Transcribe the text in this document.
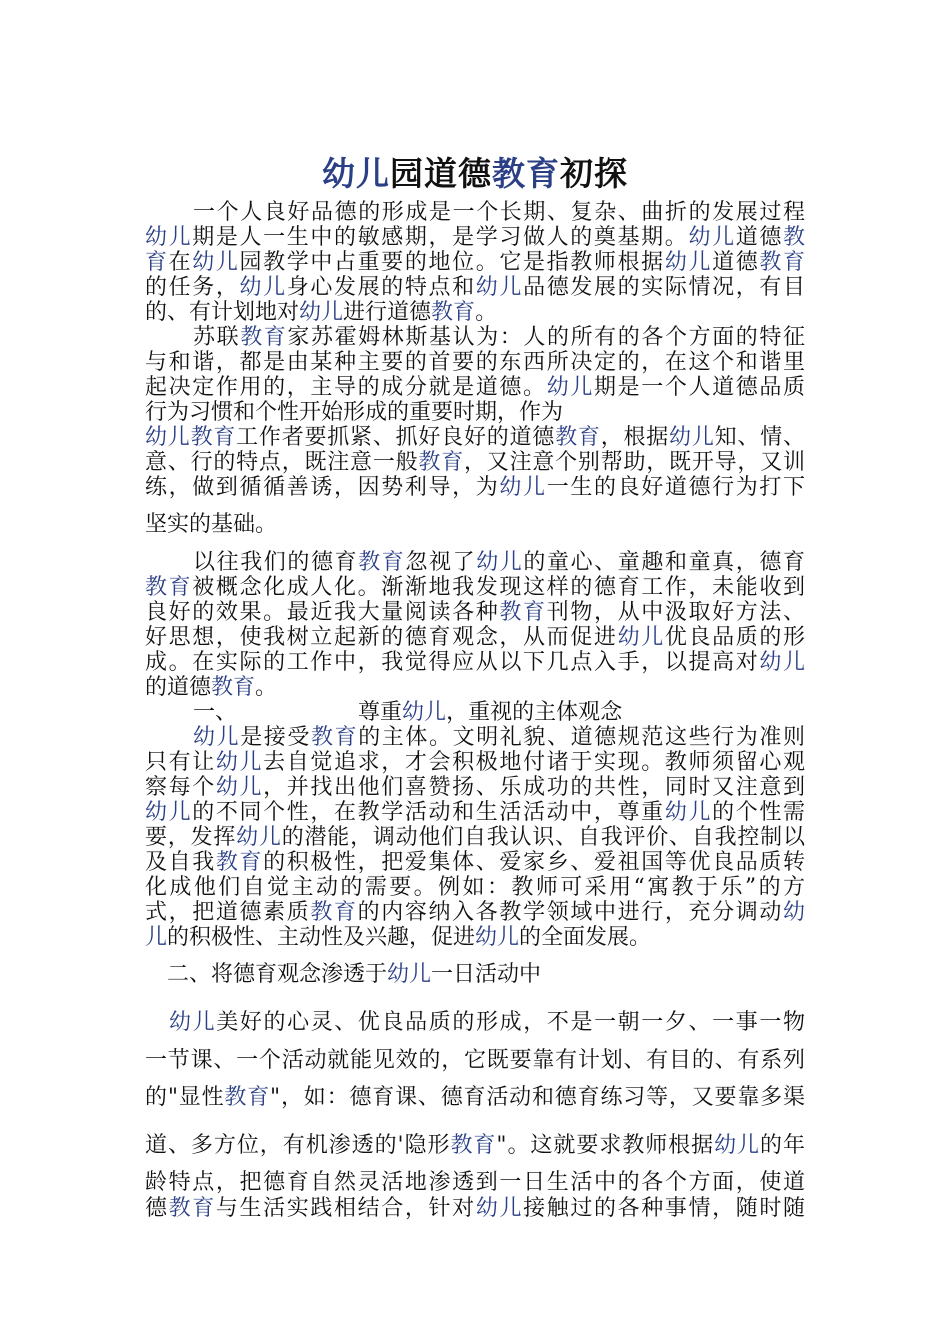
幼儿园道德教育初探
一个人良好品德的形成是一个长期、复杂、曲折的发展过程
幼儿期是人一生中的敏感期，是学习做人的奠基期。幼儿道德教
育在幼儿园教学中占重要的地位。它是指教师根据幼儿道德教育
的任务，幼儿身心发展的特点和幼儿品德发展的实际情况，有目
的、有计划地对幼儿进行道德教育。
苏联教育家苏霍姆林斯基认为：人的所有的各个方面的特征
与和谐，都是由某种主要的首要的东西所决定的，在这个和谐里
起决定作用的，主导的成分就是道德。幼儿期是一个人道德品质
行为习惯和个性开始形成的重要时期，作为
幼儿教育工作者要抓紧、抓好良好的道德教育，根据幼儿知、情、
意、行的特点，既注意一般教育，又注意个别帮助，既开导，又训
练，做到循循善诱，因势利导，为幼儿一生的良好道德行为打下
坚实的基础。
以往我们的德育教育忽视了幼儿的童心、童趣和童真，德育
教育被概念化成人化。渐渐地我发现这样的德育工作，未能收到
良好的效果。最近我大量阅读各种教育刊物，从中汲取好方法、
好思想，使我树立起新的德育观念，从而促进幼儿优良品质的形
成。在实际的工作中，我觉得应从以下几点入手，以提高对幼儿
的道德教育。
一、　　　　　　	尊重幼儿，重视的主体观念
幼儿是接受教育的主体。文明礼貌、道德规范这些行为准则
只有让幼儿去自觉追求，才会积极地付诸于实现。教师须留心观
察每个幼儿，并找出他们喜赞扬、乐成功的共性，同时又注意到
幼儿的不同个性，在教学活动和生活活动中，尊重幼儿的个性需
要，发挥幼儿的潜能，调动他们自我认识、自我评价、自我控制以
及自我教育的积极性，把爱集体、爱家乡、爱祖国等优良品质转
化成他们自觉主动的需要。例如：教师可采用“寓教于乐”的方
式，把道德素质教育的内容纳入各教学领域中进行，充分调动幼
儿的积极性、主动性及兴趣，促进幼儿的全面发展。
二、将德育观念渗透于幼儿一日活动中
幼儿美好的心灵、优良品质的形成，不是一朝一夕、一事一物
一节课、一个活动就能见效的，它既要靠有计划、有目的、有系列
的"显性教育"，如：德育课、德育活动和德育练习等，又要靠多渠
道、多方位，有机渗透的'隐形教育"。这就要求教师根据幼儿的年
龄特点，把德育自然灵活地渗透到一日生活中的各个方面，使道
德教育与生活实践相结合，针对幼儿接触过的各种事情，随时随
